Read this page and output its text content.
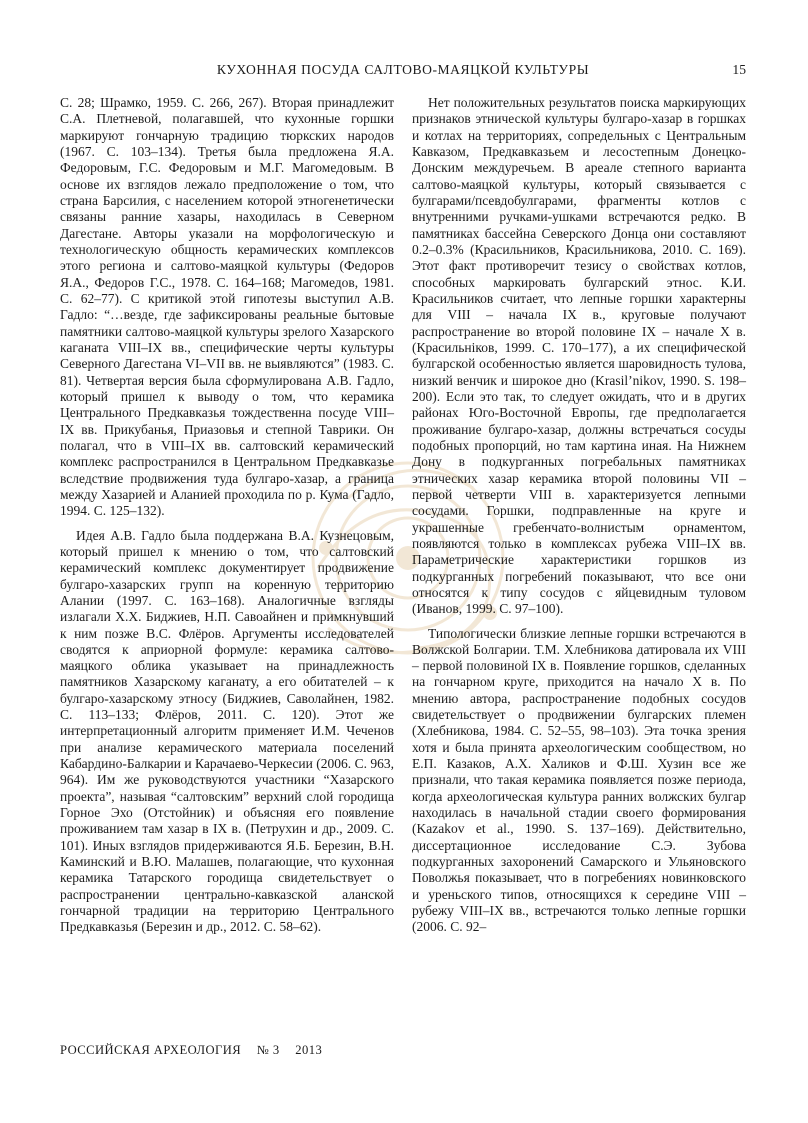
КУХОННАЯ ПОСУДА САЛТОВО-МАЯЦКОЙ КУЛЬТУРЫ	15

С. 28; Шрамко, 1959. С. 266, 267). Вторая принадлежит С.А. Плетневой, полагавшей, что кухонные горшки маркируют гончарную традицию тюркских народов (1967. С. 103–134). Третья была предложена Я.А. Федоровым, Г.С. Федоровым и М.Г. Магомедовым. В основе их взглядов лежало предположение о том, что страна Барсилия, с населением которой этногенетически связаны ранние хазары, находилась в Северном Дагестане. Авторы указали на морфологическую и технологическую общность керамических комплексов этого региона и салтово-маяцкой культуры (Федоров Я.А., Федоров Г.С., 1978. С. 164–168; Магомедов, 1981. С. 62–77). С критикой этой гипотезы выступил А.В. Гадло: “…везде, где зафиксированы реальные бытовые памятники салтово-маяцкой культуры зрелого Хазарского каганата VIII–IX вв., специфические черты культуры Северного Дагестана VI–VII вв. не выявляются” (1983. С. 81). Четвертая версия была сформулирована А.В. Гадло, который пришел к выводу о том, что керамика Центрального Предкавказья тождественна посуде VIII–IX вв. Прикубанья, Приазовья и степной Таврики. Он полагал, что в VIII–IX вв. салтовский керамический комплекс распространился в Центральном Предкавказье вследствие продвижения туда булгаро-хазар, а граница между Хазарией и Аланией проходила по р. Кума (Гадло, 1994. С. 125–132).

Идея А.В. Гадло была поддержана В.А. Кузнецовым, который пришел к мнению о том, что салтовский керамический комплекс документирует продвижение булгаро-хазарских групп на коренную территорию Алании (1997. С. 163–168). Аналогичные взгляды излагали Х.Х. Биджиев, Н.П. Савоайнен и примкнувший к ним позже В.С. Флёров. Аргументы исследователей сводятся к априорной формуле: керамика салтово-маяцкого облика указывает на принадлежность памятников Хазарскому каганату, а его обитателей – к булгаро-хазарскому этносу (Биджиев, Саволайнен, 1982. С. 113–133; Флёров, 2011. С. 120). Этот же интерпретационный алгоритм применяет И.М. Чеченов при анализе керамического материала поселений Кабардино-Балкарии и Карачаево-Черкесии (2006. С. 963, 964). Им же руководствуются участники “Хазарского проекта”, называя “салтовским” верхний слой городища Горное Эхо (Отстойник) и объясняя его появление проживанием там хазар в IX в. (Петрухин и др., 2009. С. 101). Иных взглядов придерживаются Я.Б. Березин, В.Н. Каминский и В.Ю. Малашев, полагающие, что кухонная керамика Татарского городища свидетельствует о распространении центрально-кавказской аланской гончарной традиции на территорию Центрального Предкавказья (Березин и др., 2012. С. 58–62).

Нет положительных результатов поиска маркирующих признаков этнической культуры булгаро-хазар в горшках и котлах на территориях, сопредельных с Центральным Кавказом, Предкавказьем и лесостепным Донецко-Донским междуречьем. В ареале степного варианта салтово-маяцкой культуры, который связывается с булгарами/псевдобулгарами, фрагменты котлов с внутренними ручками-ушками встречаются редко. В памятниках бассейна Северского Донца они составляют 0.2–0.3% (Красильников, Красильникова, 2010. С. 169). Этот факт противоречит тезису о свойствах котлов, способных маркировать булгарский этнос. К.И. Красильников считает, что лепные горшки характерны для VIII – начала IX в., круговые получают распространение во второй половине IX – начале X в. (Красильнiков, 1999. С. 170–177), а их специфической булгарской особенностью является шаровидность тулова, низкий венчик и широкое дно (Krasil’nikov, 1990. S. 198–200). Если это так, то следует ожидать, что и в других районах Юго-Восточной Европы, где предполагается проживание булгаро-хазар, должны встречаться сосуды подобных пропорций, но там картина иная. На Нижнем Дону в подкурганных погребальных памятниках этнических хазар керамика второй половины VII – первой четверти VIII в. характеризуется лепными сосудами. Горшки, подправленные на круге и украшенные гребенчато-волнистым орнаментом, появляются только в комплексах рубежа VIII–IX вв. Параметрические характеристики горшков из подкурганных погребений показывают, что все они относятся к типу сосудов с яйцевидным туловом (Иванов, 1999. С. 97–100).

Типологически близкие лепные горшки встречаются в Волжской Болгарии. Т.М. Хлебникова датировала их VIII – первой половиной IX в. Появление горшков, сделанных на гончарном круге, приходится на начало X в. По мнению автора, распространение подобных сосудов свидетельствует о продвижении булгарских племен (Хлебникова, 1984. С. 52–55, 98–103). Эта точка зрения хотя и была принята археологическим сообществом, но Е.П. Казаков, А.Х. Халиков и Ф.Ш. Хузин все же признали, что такая керамика появляется позже периода, когда археологическая культура ранних волжских булгар находилась в начальной стадии своего формирования (Kazakov et al., 1990. S. 137–169). Действительно, диссертационное исследование С.Э. Зубова подкурганных захоронений Самарского и Ульяновского Поволжья показывает, что в погребениях новинковского и уреньского типов, относящихся к середине VIII – рубежу VIII–IX вв., встречаются только лепные горшки (2006. С. 92–

РОССИЙСКАЯ АРХЕОЛОГИЯ № 3 2013
